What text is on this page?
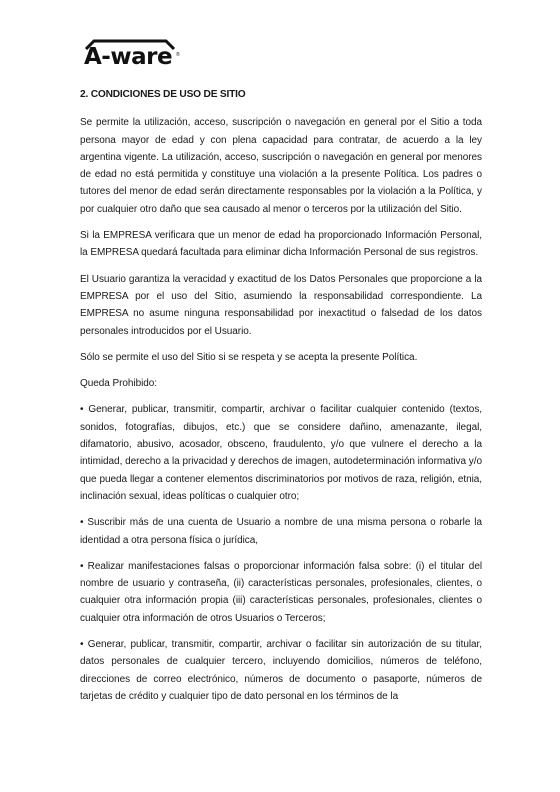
A-ware ®
2. CONDICIONES DE USO DE SITIO

Se permite la utilización, acceso, suscripción o navegación en general por el Sitio a toda persona mayor de edad y con plena capacidad para contratar, de acuerdo a la ley argentina vigente. La utilización, acceso, suscripción o navegación en general por menores de edad no está permitida y constituye una violación a la presente Política. Los padres o tutores del menor de edad serán directamente responsables por la violación a la Política, y por cualquier otro daño que sea causado al menor o terceros por la utilización del Sitio.

Si la EMPRESA verificara que un menor de edad ha proporcionado Información Personal, la EMPRESA quedará facultada para eliminar dicha Información Personal de sus registros.

El Usuario garantiza la veracidad y exactitud de los Datos Personales que proporcione a la EMPRESA por el uso del Sitio, asumiendo la responsabilidad correspondiente. La EMPRESA no asume ninguna responsabilidad por inexactitud o falsedad de los datos personales introducidos por el Usuario.

Sólo se permite el uso del Sitio si se respeta y se acepta la presente Política.

Queda Prohibido:

• Generar, publicar, transmitir, compartir, archivar o facilitar cualquier contenido (textos, sonidos, fotografías, dibujos, etc.) que se considere dañino, amenazante, ilegal, difamatorio, abusivo, acosador, obsceno, fraudulento, y/o que vulnere el derecho a la intimidad, derecho a la privacidad y derechos de imagen, autodeterminación informativa y/o que pueda llegar a contener elementos discriminatorios por motivos de raza, religión, etnia, inclinación sexual, ideas políticas o cualquier otro;

• Suscribir más de una cuenta de Usuario a nombre de una misma persona o robarle la identidad a otra persona física o jurídica,

• Realizar manifestaciones falsas o proporcionar información falsa sobre: (i) el titular del nombre de usuario y contraseña, (ii) características personales, profesionales, clientes, o cualquier otra información propia (iii) características personales, profesionales, clientes o cualquier otra información de otros Usuarios o Terceros;

• Generar, publicar, transmitir, compartir, archivar o facilitar sin autorización de su titular, datos personales de cualquier tercero, incluyendo domicilios, números de teléfono, direcciones de correo electrónico, números de documento o pasaporte, números de tarjetas de crédito y cualquier tipo de dato personal en los términos de la
